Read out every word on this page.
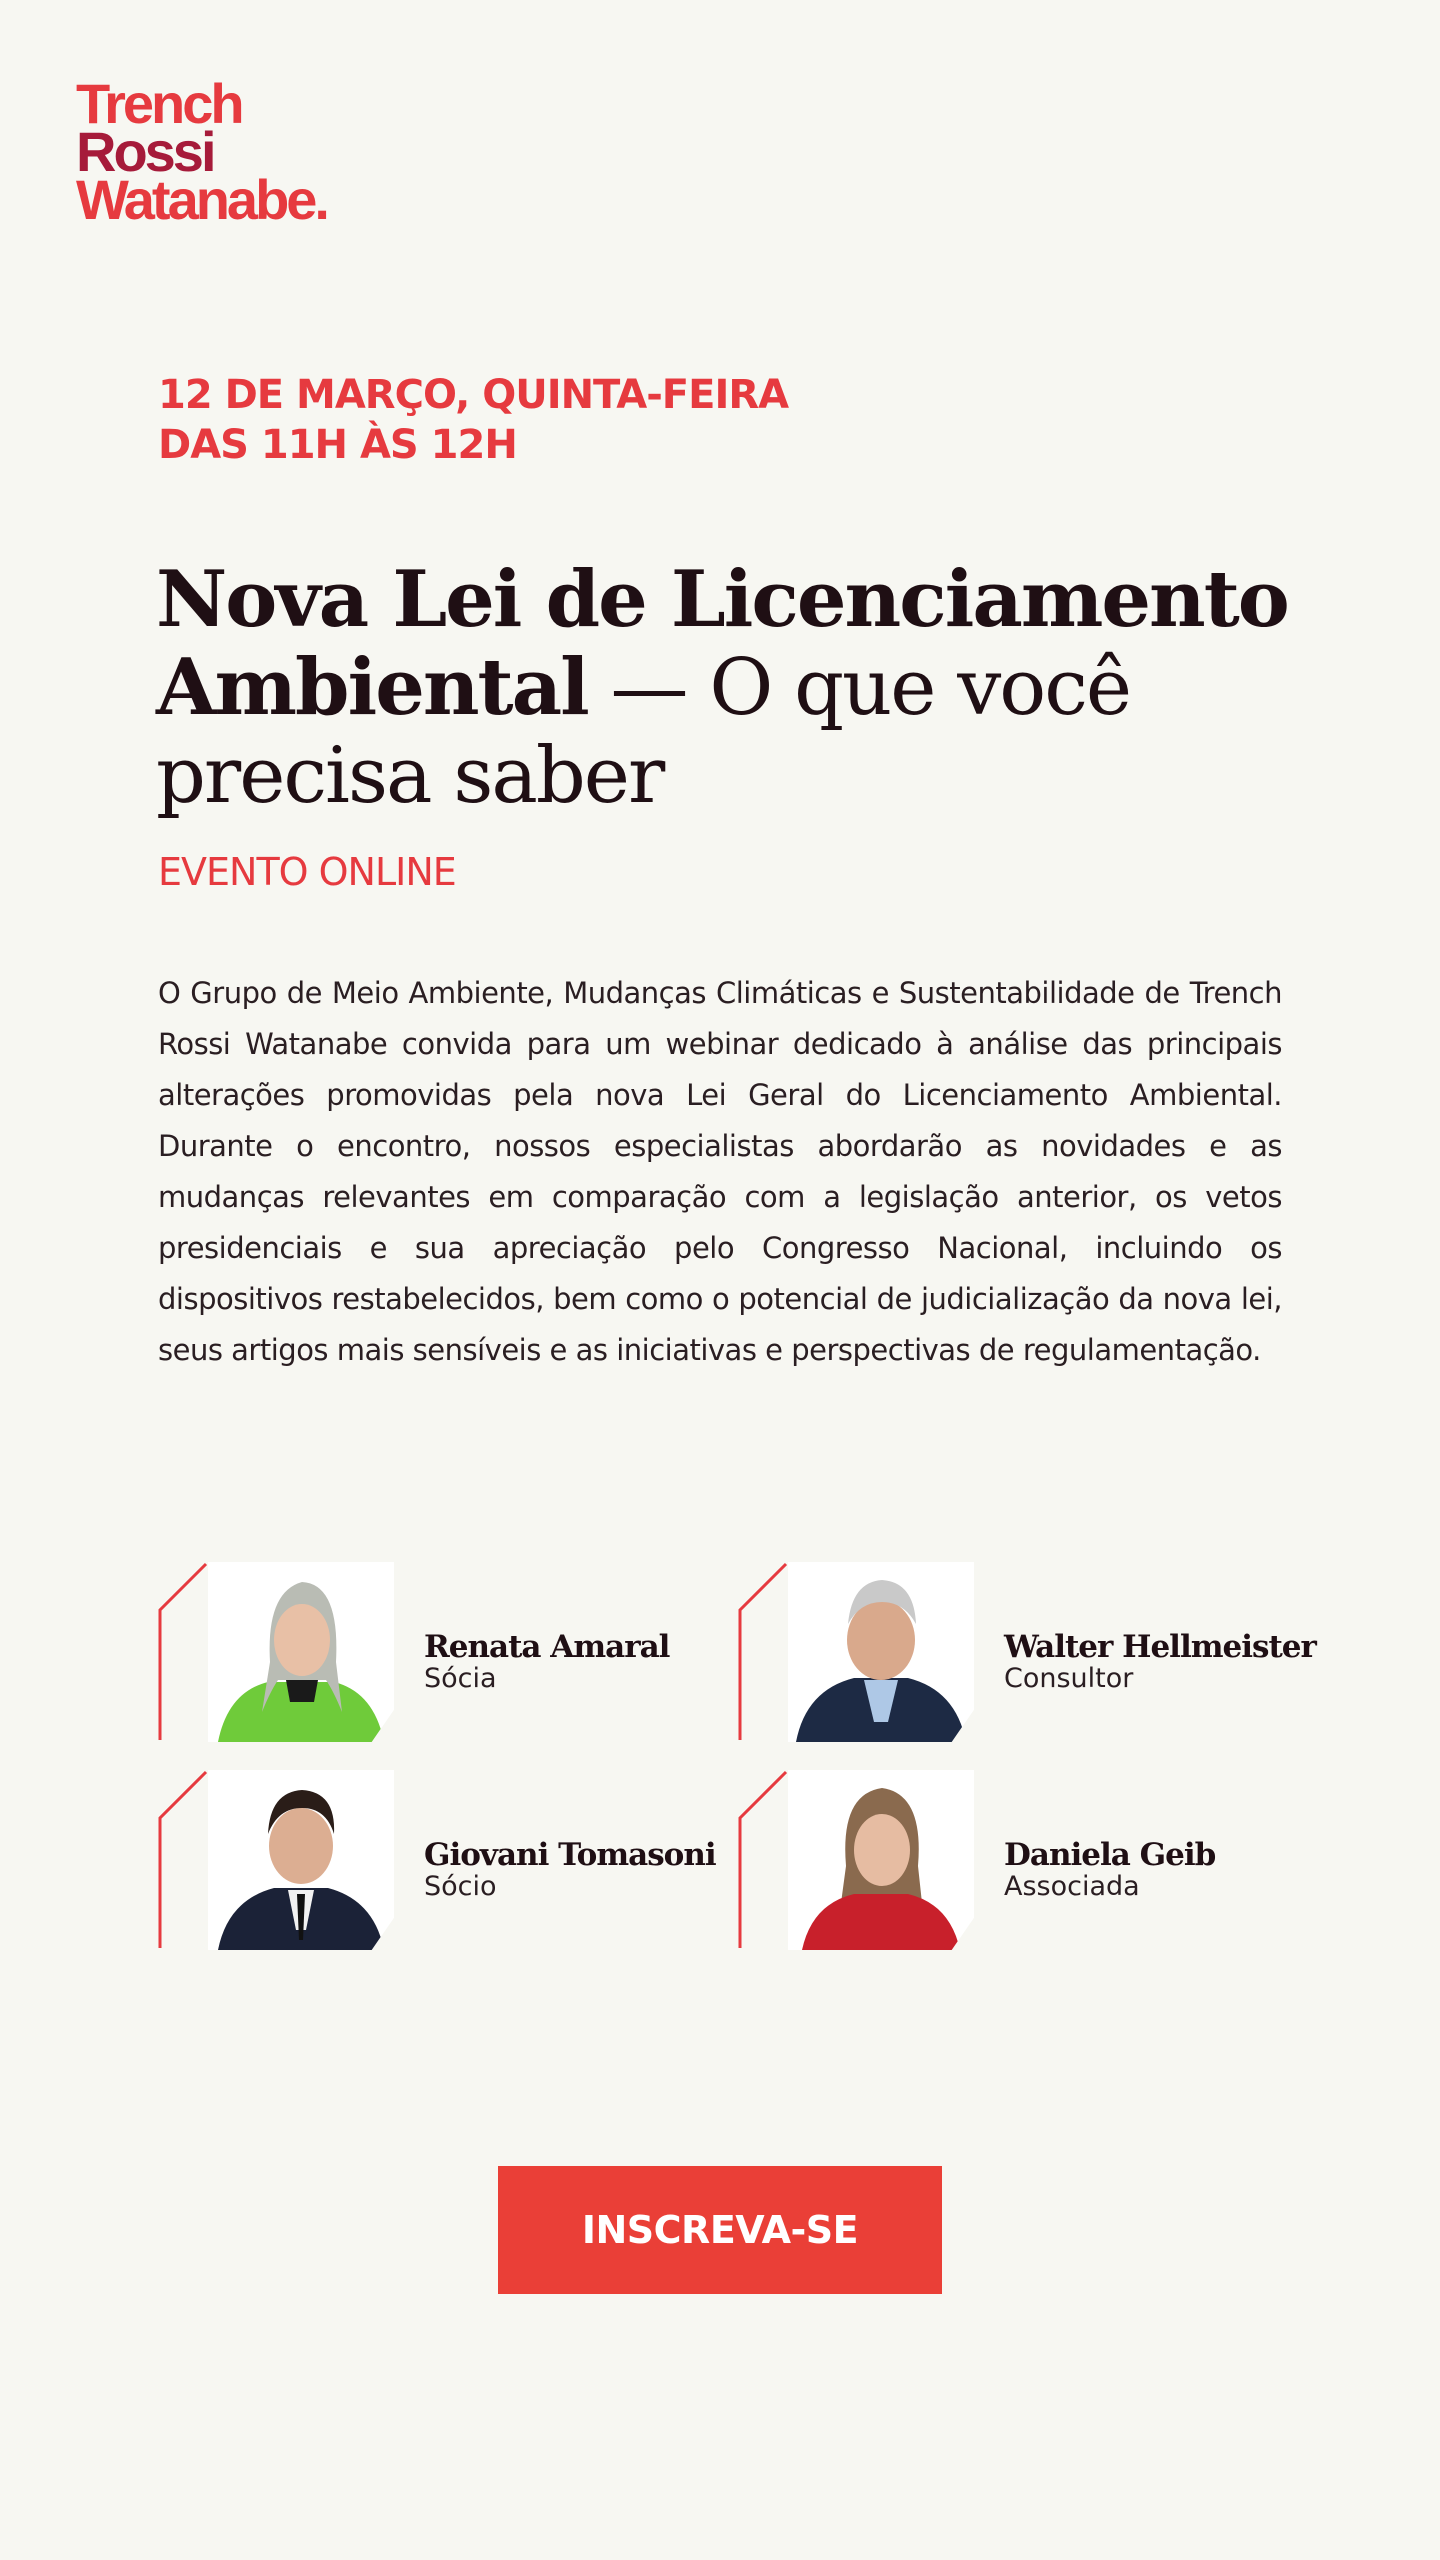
Trench
Rossi
Watanabe.
12 DE MARÇO, QUINTA-FEIRA
DAS 11H ÀS 12H
Nova Lei de Licenciamento
Ambiental — O que você
precisa saber
EVENTO ONLINE
O Grupo de Meio Ambiente, Mudanças Climáticas e Sustentabilidade de Trench Rossi Watanabe convida para um webinar dedicado à análise das principais alterações promovidas pela nova Lei Geral do Licenciamento Ambiental. Durante o encontro, nossos especialistas abordarão as novidades e as mudanças relevantes em comparação com a legislação anterior, os vetos presidenciais e sua apreciação pelo Congresso Nacional, incluindo os dispositivos restabelecidos, bem como o potencial de judicialização da nova lei, seus artigos mais sensíveis e as iniciativas e perspectivas de regulamentação.
Renata Amaral
Sócia
Walter Hellmeister
Consultor
Giovani Tomasoni
Sócio
Daniela Geib
Associada
INSCREVA-SE
